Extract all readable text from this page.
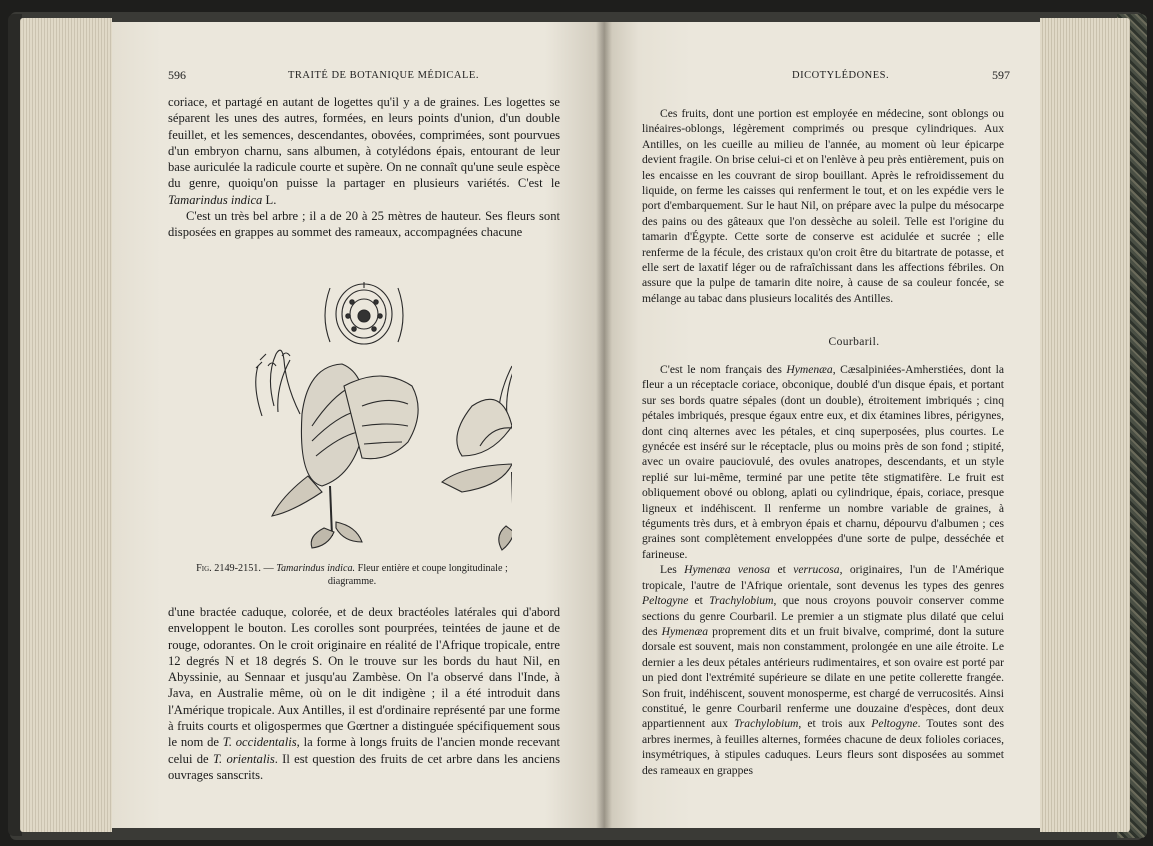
596	TRAITÉ DE BOTANIQUE MÉDICALE.

coriace, et partagé en autant de logettes qu'il y a de graines. Les logettes se séparent les unes des autres, formées, en leurs points d'union, d'un double feuillet, et les semences, descendantes, obovées, comprimées, sont pourvues d'un embryon charnu, sans albumen, à cotylédons épais, entourant de leur base auriculée la radicule courte et supère. On ne connaît qu'une seule espèce du genre, quoiqu'on puisse la partager en plusieurs variétés. C'est le Tamarindus indica L.

C'est un très bel arbre ; il a de 20 à 25 mètres de hauteur. Ses fleurs sont disposées en grappes au sommet des rameaux, accompagnées chacune

Fig. 2149-2151. — Tamarindus indica. Fleur entière et coupe longitudinale ; diagramme.

d'une bractée caduque, colorée, et de deux bractéoles latérales qui d'abord enveloppent le bouton. Les corolles sont pourprées, teintées de jaune et de rouge, odorantes. On le croit originaire en réalité de l'Afrique tropicale, entre 12 degrés N et 18 degrés S. On le trouve sur les bords du haut Nil, en Abyssinie, au Sennaar et jusqu'au Zambèse. On l'a observé dans l'Inde, à Java, en Australie même, où on le dit indigène ; il a été introduit dans l'Amérique tropicale. Aux Antilles, il est d'ordinaire représenté par une forme à fruits courts et oligospermes que Gœrtner a distinguée spécifiquement sous le nom de T. occidentalis, la forme à longs fruits de l'ancien monde recevant celui de T. orientalis. Il est question des fruits de cet arbre dans les anciens ouvrages sanscrits.

DICOTYLÉDONES.	597

Ces fruits, dont une portion est employée en médecine, sont oblongs ou linéaires-oblongs, légèrement comprimés ou presque cylindriques. Aux Antilles, on les cueille au milieu de l'année, au moment où leur épicarpe devient fragile. On brise celui-ci et on l'enlève à peu près entièrement, puis on les encaisse en les couvrant de sirop bouillant. Après le refroidissement du liquide, on ferme les caisses qui renferment le tout, et on les expédie vers le port d'embarquement. Sur le haut Nil, on prépare avec la pulpe du mésocarpe des pains ou des gâteaux que l'on dessèche au soleil. Telle est l'origine du tamarin d'Égypte. Cette sorte de conserve est acidulée et sucrée ; elle renferme de la fécule, des cristaux qu'on croit être du bitartrate de potasse, et elle sert de laxatif léger ou de rafraîchissant dans les affections fébriles. On assure que la pulpe de tamarin dite noire, à cause de sa couleur foncée, se mélange au tabac dans plusieurs localités des Antilles.

Courbaril.

C'est le nom français des Hymenæa, Cæsalpiniées-Amherstiées, dont la fleur a un réceptacle coriace, obconique, doublé d'un disque épais, et portant sur ses bords quatre sépales (dont un double), étroitement imbriqués ; cinq pétales imbriqués, presque égaux entre eux, et dix étamines libres, périgynes, dont cinq alternes avec les pétales, et cinq superposées, plus courtes. Le gynécée est inséré sur le réceptacle, plus ou moins près de son fond ; stipité, avec un ovaire pauciovulé, des ovules anatropes, descendants, et un style replié sur lui-même, terminé par une petite tête stigmatifère. Le fruit est obliquement obové ou oblong, aplati ou cylindrique, épais, coriace, presque ligneux et indéhiscent. Il renferme un nombre variable de graines, à téguments très durs, et à embryon épais et charnu, dépourvu d'albumen ; ces graines sont complètement enveloppées d'une sorte de pulpe, desséchée et farineuse.

Les Hymenæa venosa et verrucosa, originaires, l'un de l'Amérique tropicale, l'autre de l'Afrique orientale, sont devenus les types des genres Peltogyne et Trachylobium, que nous croyons pouvoir conserver comme sections du genre Courbaril. Le premier a un stigmate plus dilaté que celui des Hymenæa proprement dits et un fruit bivalve, comprimé, dont la suture dorsale est souvent, mais non constamment, prolongée en une aile étroite. Le dernier a les deux pétales antérieurs rudimentaires, et son ovaire est porté par un pied dont l'extrémité supérieure se dilate en une petite collerette frangée. Son fruit, indéhiscent, souvent monosperme, est chargé de verrucosités. Ainsi constitué, le genre Courbaril renferme une douzaine d'espèces, dont deux appartiennent aux Trachylobium, et trois aux Peltogyne. Toutes sont des arbres inermes, à feuilles alternes, formées chacune de deux folioles coriaces, insymétriques, à stipules caduques. Leurs fleurs sont disposées au sommet des rameaux en grappes
